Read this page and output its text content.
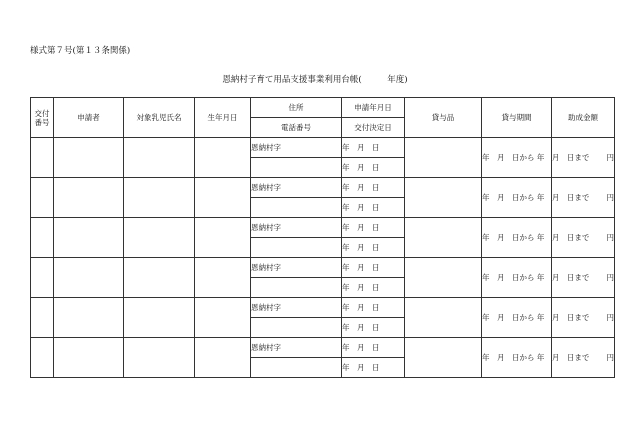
様式第７号(第１３条関係)
恩納村子育て用品支援事業利用台帳(　　　年度)
交付
番号	申請者	対象乳児氏名	生年月日	住所	申請年月日	貸与品	貸与期間	助成金額
				電話番号	交付決定日			
				恩納村字	年　月　日		年　月　日から 年　月　日まで	円
					年　月　日			
				恩納村字	年　月　日		年　月　日から 年　月　日まで	円
					年　月　日			
				恩納村字	年　月　日		年　月　日から 年　月　日まで	円
					年　月　日			
				恩納村字	年　月　日		年　月　日から 年　月　日まで	円
					年　月　日			
				恩納村字	年　月　日		年　月　日から 年　月　日まで	円
					年　月　日			
				恩納村字	年　月　日		年　月　日から 年　月　日まで	円
					年　月　日			
